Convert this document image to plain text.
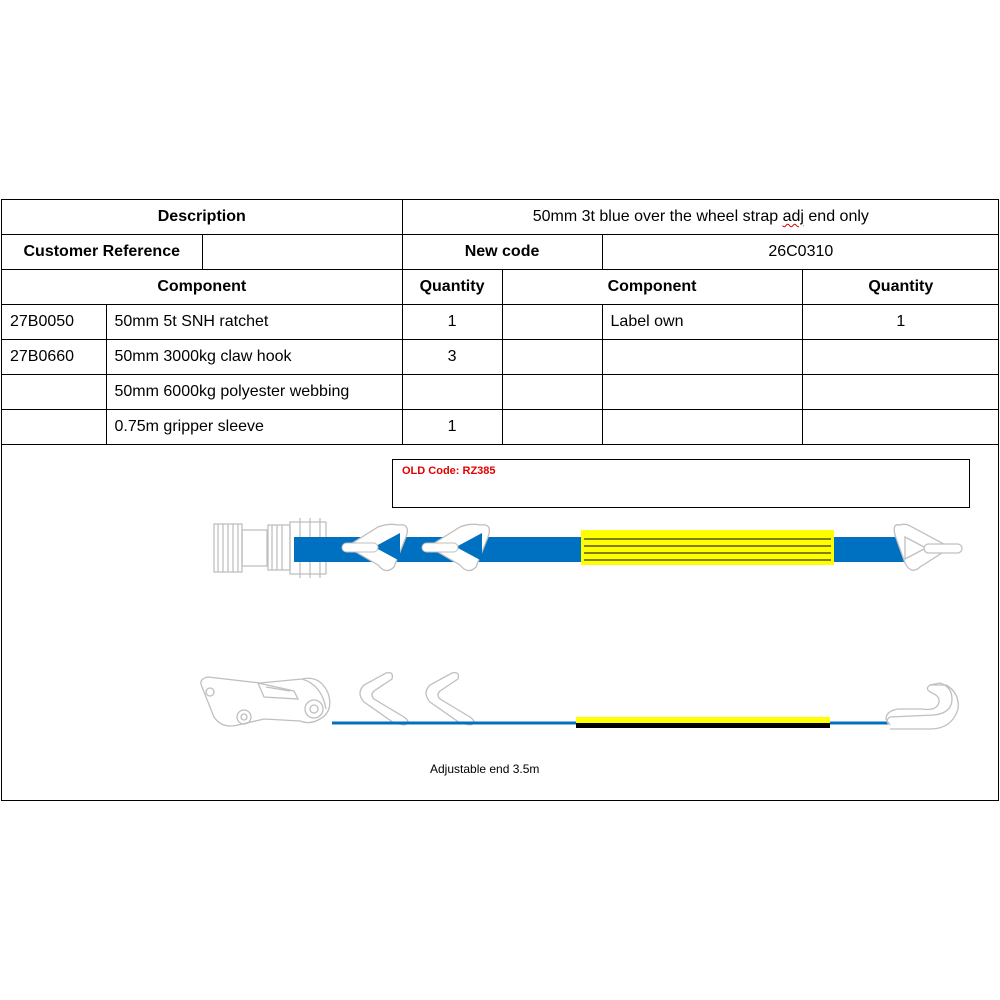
Description			50mm 3t blue over the wheel strap adj end only			
Customer Reference			New code		26C0310	
Component			Quantity	Component		Quantity
27B0050	50mm 5t SNH ratchet		1		Label own	1
27B0660	50mm 3000kg claw hook		3			
	50mm 6000kg polyester webbing					
	0.75m gripper sleeve		1			
OLD Code: RZ385
Adjustable end 3.5m
